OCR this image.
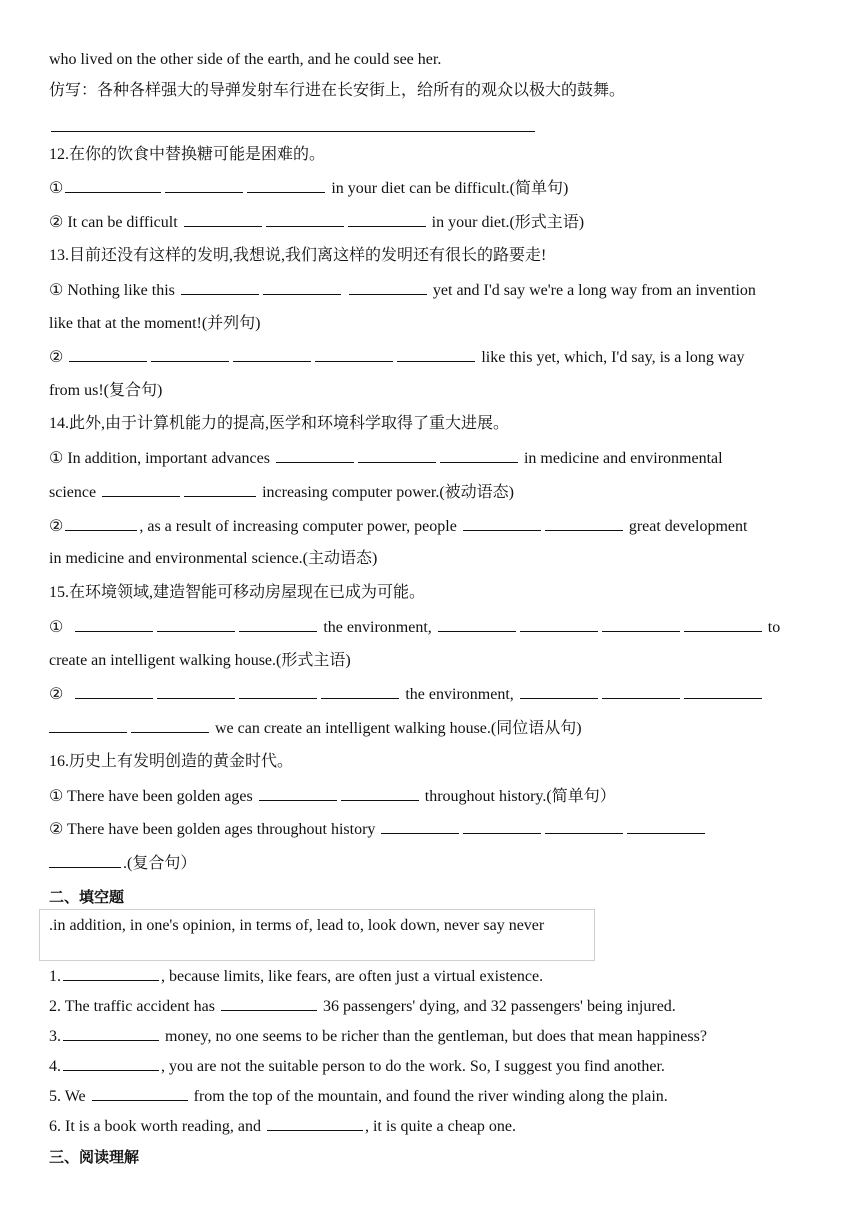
who lived on the other side of the earth, and he could see her.
仿写：各种各样强大的导弹发射车行进在长安街上，给所有的观众以极大的鼓舞。
12.在你的饮食中替换糖可能是困难的。
①	in your diet can be difficult.(简单句)
② It can be difficult	in your diet.(形式主语)
13.目前还没有这样的发明,我想说,我们离这样的发明还有很长的路要走!
① Nothing like this	yet and I'd say we're a long way from an invention
like that at the moment!(并列句)
②	like this yet, which, I'd say, is a long way
from us!(复合句)
14.此外,由于计算机能力的提高,医学和环境科学取得了重大进展。
① In addition, important advances	in medicine and environmental
science	increasing computer power.(被动语态)
②	, as a result of increasing computer power, people	great development
in medicine and environmental science.(主动语态)
15.在环境领域,建造智能可移动房屋现在已成为可能。
①	the environment,	to
create an intelligent walking house.(形式主语)
②	the environment,
we can create an intelligent walking house.(同位语从句)
16.历史上有发明创造的黄金时代。
① There have been golden ages	throughout history.(简单句）
② There have been golden ages throughout history
.(复合句）
二、填空题
.in addition, in one's opinion, in terms of, lead to, look down, never say never
1.	, because limits, like fears, are often just a virtual existence.
2. The traffic accident has	36 passengers' dying, and 32 passengers' being injured.
3.	money, no one seems to be richer than the gentleman, but does that mean happiness?
4.	, you are not the suitable person to do the work. So, I suggest you find another.
5. We	from the top of the mountain, and found the river winding along the plain.
6. It is a book worth reading, and	, it is quite a cheap one.
三、阅读理解
